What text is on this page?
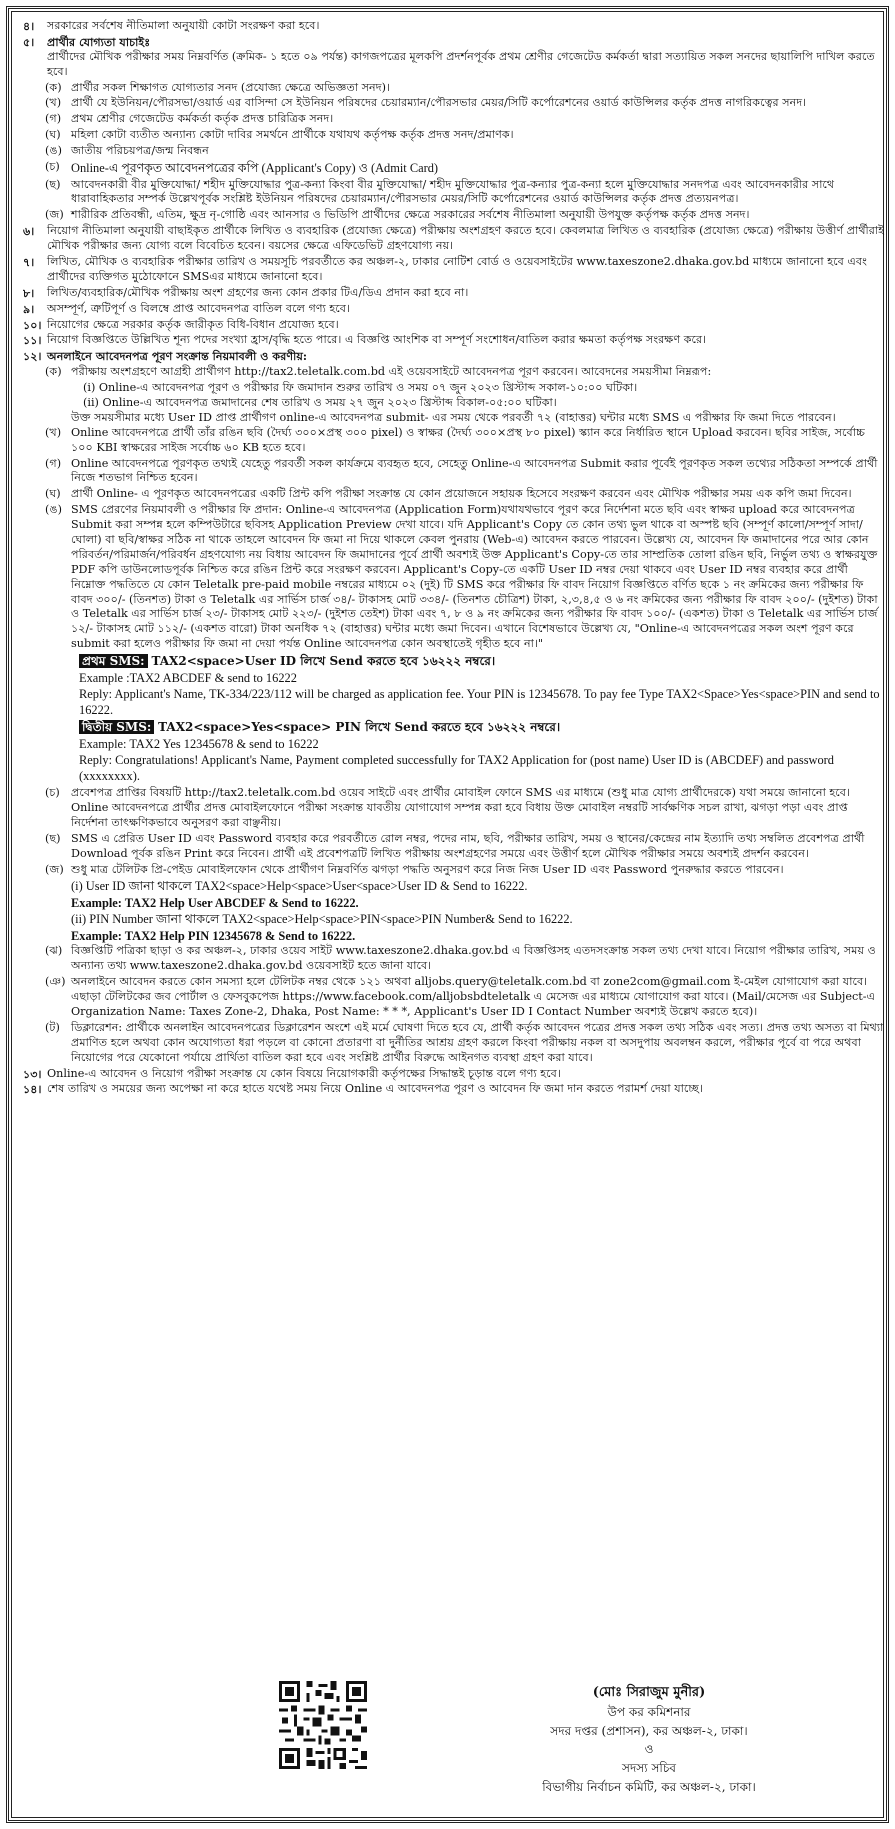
৪।	সরকারের সর্বশেষ নীতিমালা অনুযায়ী কোটা সংরক্ষণ করা হবে।
৫।	প্রার্থীর যোগ্যতা যাচাইঃ
প্রার্থীদের মৌখিক পরীক্ষার সময় নিম্নবর্ণিত (ক্রমিক- ১ হতে ০৯ পর্যন্ত) কাগজপত্রের মূলকপি প্রদর্শনপূর্বক প্রথম শ্রেণীর গেজেটেড কর্মকর্তা দ্বারা সত্যায়িত সকল সনদের ছায়ালিপি দাখিল করতে হবে।
(ক) প্রার্থীর সকল শিক্ষাগত যোগ্যতার সনদ (প্রযোজ্য ক্ষেত্রে অভিজ্ঞতা সনদ)।
(খ) প্রার্থী যে ইউনিয়ন/পৌরসভা/ওয়ার্ড এর বাসিন্দা সে ইউনিয়ন পরিষদের চেয়ারম্যান/পৌরসভার মেয়র/সিটি কর্পোরেশনের ওয়ার্ড কাউন্সিলর কর্তৃক প্রদত্ত নাগরিকত্বের সনদ।
(গ) প্রথম শ্রেণীর গেজেটেড কর্মকর্তা কর্তৃক প্রদত্ত চারিত্রিক সনদ।
(ঘ) মহিলা কোটা ব্যতীত অন্যান্য কোটা দাবির সমর্থনে প্রার্থীকে যথাযথ কর্তৃপক্ষ কর্তৃক প্রদত্ত সনদ/প্রমাণক।
(ঙ) জাতীয় পরিচয়পত্র/জন্ম নিবন্ধন
(চ) Online-এ পূরণকৃত আবেদনপত্রের কপি (Applicant's Copy) ও (Admit Card)
(ছ) আবেদনকারী বীর মুক্তিযোদ্ধা/ শহীদ মুক্তিযোদ্ধার পুত্র-কন্যা কিংবা বীর মুক্তিযোদ্ধা/ শহীদ মুক্তিযোদ্ধার পুত্র-কন্যার পুত্র-কন্যা হলে মুক্তিযোদ্ধার সনদপত্র এবং আবেদনকারীর সাথে ধারাবাহিকতার সম্পর্ক উল্লেখপূর্বক সংশ্লিষ্ট ইউনিয়ন পরিষদের চেয়ারম্যান/পৌরসভার মেয়র/সিটি কর্পোরেশনের ওয়ার্ড কাউন্সিলর কর্তৃক প্রদত্ত প্রত্যয়নপত্র।
(জ) শারীরিক প্রতিবন্ধী, এতিম, ক্ষুদ্র নৃ-গোষ্ঠি এবং আনসার ও ভিডিপি প্রার্থীদের ক্ষেত্রে সরকারের সর্বশেষ নীতিমালা অনুযায়ী উপযুক্ত কর্তৃপক্ষ কর্তৃক প্রদত্ত সনদ।
৬।	নিয়োগ নীতিমালা অনুযায়ী বাছাইকৃত প্রার্থীকে লিখিত ও ব্যবহারিক (প্রযোজ্য ক্ষেত্রে) পরীক্ষায় অংশগ্রহণ করতে হবে। কেবলমাত্র লিখিত ও ব্যবহারিক (প্রযোজ্য ক্ষেত্রে) পরীক্ষায় উত্তীর্ণ প্রার্থীরাই মৌখিক পরীক্ষার জন্য যোগ্য বলে বিবেচিত হবেন। বয়সের ক্ষেত্রে এফিডেভিট গ্রহণযোগ্য নয়।
৭।	লিখিত, মৌখিক ও ব্যবহারিক পরীক্ষার তারিখ ও সময়সূচি পরবর্তীতে কর অঞ্চল-২, ঢাকার নোটিশ বোর্ড ও ওয়েবসাইটের www.taxeszone2.dhaka.gov.bd মাধ্যমে জানানো হবে এবং প্রার্থীদের ব্যক্তিগত মুঠোফোনে SMSএর মাধ্যমে জানানো হবে।
৮।	লিখিত/ব্যবহারিক/মৌখিক পরীক্ষায় অংশ গ্রহণের জন্য কোন প্রকার টিএ/ডিএ প্রদান করা হবে না।
৯।	অসম্পূর্ণ, ত্রুটিপূর্ণ ও বিলম্বে প্রাপ্ত আবেদনপত্র বাতিল বলে গণ্য হবে।
১০। নিয়োগের ক্ষেত্রে সরকার কর্তৃক জারীকৃত বিধি-বিধান প্রযোজ্য হবে।
১১। নিয়োগ বিজ্ঞপ্তিতে উল্লিখিত শূন্য পদের সংখ্যা হ্রাস/বৃদ্ধি হতে পারে। এ বিজ্ঞপ্তি আংশিক বা সম্পূর্ণ সংশোধন/বাতিল করার ক্ষমতা কর্তৃপক্ষ সংরক্ষণ করে।
১২। অনলাইনে আবেদনপত্র পূরণ সংক্রান্ত নিয়মাবলী ও করণীয়:
(ক) পরীক্ষায় অংশগ্রহণে আগ্রহী প্রার্থীগণ http://tax2.teletalk.com.bd এই ওয়েবসাইটে আবেদনপত্র পূরণ করবেন। আবেদনের সময়সীমা নিম্নরূপ:
(i) Online-এ আবেদনপত্র পূরণ ও পরীক্ষার ফি জমাদান শুরুর তারিখ ও সময় ০৭ জুন ২০২৩ খ্রিস্টাব্দ সকাল-১০:০০ ঘটিকা।
(ii) Online-এ আবেদনপত্র জমাদানের শেষ তারিখ ও সময় ২৭ জুন ২০২৩ খ্রিস্টাব্দ বিকাল-০৫:০০ ঘটিকা।
উক্ত সময়সীমার মধ্যে User ID প্রাপ্ত প্রার্থীগণ online-এ আবেদনপত্র submit- এর সময় থেকে পরবর্তী ৭২ (বাহাত্তর) ঘন্টার মধ্যে SMS এ পরীক্ষার ফি জমা দিতে পারবেন।
(খ) Online আবেদনপত্রে প্রার্থী তাঁর রঙিন ছবি (দৈর্ঘ্য ৩০০×প্রস্থ ৩০০ pixel) ও স্বাক্ষর (দৈর্ঘ্য ৩০০×প্রস্থ ৮০ pixel) স্ক্যান করে নির্ধারিত স্থানে Upload করবেন। ছবির সাইজ, সর্বোচ্চ ১০০ KBI স্বাক্ষরের সাইজ সর্বোচ্চ ৬০ KB হতে হবে।
(গ) Online আবেদনপত্রে পূরণকৃত তথ্যই যেহেতু পরবর্তী সকল কার্যক্রমে ব্যবহৃত হবে, সেহেতু Online-এ আবেদনপত্র Submit করার পূর্বেই পূরণকৃত সকল তথ্যের সঠিকতা সম্পর্কে প্রার্থী নিজে শতভাগ নিশ্চিত হবেন।
(ঘ) প্রার্থী Online- এ পূরণকৃত আবেদনপত্রের একটি প্রিন্ট কপি পরীক্ষা সংক্রান্ত যে কোন প্রয়োজনে সহায়ক হিসেবে সংরক্ষণ করবেন এবং মৌখিক পরীক্ষার সময় এক কপি জমা দিবেন।
(ঙ) SMS প্রেরণের নিয়মাবলী ও পরীক্ষার ফি প্রদান: Online-এ আবেদনপত্র (Application Form)যথাযথভাবে পূরণ করে নির্দেশনা মতে ছবি এবং স্বাক্ষর upload করে আবেদনপত্র Submit করা সম্পন্ন হলে কম্পিউটারে ছবিসহ Application Preview দেখা যাবে। যদি Applicant's Copy তে কোন তথ্য ভুল থাকে বা অস্পষ্ট ছবি (সম্পূর্ণ কালো/সম্পূর্ণ সাদা/ঘোলা) বা ছবি/স্বাক্ষর সঠিক না থাকে তাহলে আবেদন ফি জমা না দিয়ে থাকলে কেবল পুনরায় (Web-এ) আবেদন করতে পারবেন। উল্লেখ্য যে, আবেদন ফি জমাদানের পরে আর কোন পরিবর্তন/পরিমার্জন/পরিবর্ধন গ্রহণযোগ্য নয় বিধায় আবেদন ফি জমাদানের পূর্বে প্রার্থী অবশ্যই উক্ত Applicant's Copy-তে তার সাম্প্রতিক তোলা রঙিন ছবি, নির্ভুল তথ্য ও স্বাক্ষরযুক্ত PDF কপি ডাউনলোডপূর্বক নিশ্চিত করে রঙিন প্রিন্ট করে সংরক্ষণ করবেন। Applicant's Copy-তে একটি User ID নম্বর দেয়া থাকবে এবং User ID নম্বর ব্যবহার করে প্রার্থী নিম্নোক্ত পদ্ধতিতে যে কোন Teletalk pre-paid mobile নম্বরের মাধ্যমে ০২ (দুই) টি SMS করে পরীক্ষার ফি বাবদ নিয়োগ বিজ্ঞপ্তিতে বর্ণিত ছকে ১ নং ক্রমিকের জন্য পরীক্ষার ফি বাবদ ৩০০/- (তিনশত) টাকা ও Teletalk এর সার্ভিস চার্জ ৩৪/- টাকাসহ মোট ৩৩৪/- (তিনশত চৌত্রিশ) টাকা, ২,৩,৪,৫ ও ৬ নং ক্রমিকের জন্য পরীক্ষার ফি বাবদ ২০০/- (দুইশত) টাকা ও Teletalk এর সার্ভিস চার্জ ২৩/- টাকাসহ মোট ২২৩/- (দুইশত তেইশ) টাকা এবং ৭, ৮ ও ৯ নং ক্রমিকের জন্য পরীক্ষার ফি বাবদ ১০০/- (একশত) টাকা ও Teletalk এর সার্ভিস চার্জ ১২/- টাকাসহ মোট ১১২/- (একশত বারো) টাকা অনধিক ৭২ (বাহাত্তর) ঘন্টার মধ্যে জমা দিবেন। এখানে বিশেষভাবে উল্লেখ্য যে, "Online-এ আবেদনপত্রের সকল অংশ পূরণ করে submit করা হলেও পরীক্ষার ফি জমা না দেয়া পর্যন্ত Online আবেদনপত্র কোন অবস্থাতেই গৃহীত হবে না।"
প্রথম SMS: TAX2<space>User ID লিখে Send করতে হবে ১৬২২২ নম্বরে।
Example :TAX2 ABCDEF & send to 16222
Reply: Applicant's Name, TK-334/223/112 will be charged as application fee. Your PIN is 12345678. To pay fee Type TAX2<Space>Yes<space>PIN and send to 16222.
দ্বিতীয় SMS: TAX2<space>Yes<space> PIN লিখে Send করতে হবে ১৬২২২ নম্বরে।
Example: TAX2 Yes 12345678 & send to 16222
Reply: Congratulations! Applicant's Name, Payment completed successfully for TAX2 Application for (post name) User ID is (ABCDEF) and password (xxxxxxxx).
(চ)	প্রবেশপত্র প্রাপ্তির বিষয়টি http://tax2.teletalk.com.bd ওয়েব সাইটে এবং প্রার্থীর মোবাইল ফোনে SMS এর মাধ্যমে (শুধু মাত্র যোগ্য প্রার্থীদেরকে) যথা সময়ে জানানো হবে। Online আবেদনপত্রে প্রার্থীর প্রদত্ত মোবাইলফোনে পরীক্ষা সংক্রান্ত যাবতীয় যোগাযোগ সম্পন্ন করা হবে বিধায় উক্ত মোবাইল নম্বরটি সার্বক্ষণিক সচল রাখা, ঝগড়া পড়া এবং প্রাপ্ত নির্দেশনা তাৎক্ষণিকভাবে অনুসরণ করা বাঞ্ছনীয়।
(ছ) SMS এ প্রেরিত User ID এবং Password ব্যবহার করে পরবর্তীতে রোল নম্বর, পদের নাম, ছবি, পরীক্ষার তারিখ, সময় ও স্থানের/কেন্দ্রের নাম ইত্যাদি তথ্য সম্বলিত প্রবেশপত্র প্রার্থী Download পূর্বক রঙিন Print করে নিবেন। প্রার্থী এই প্রবেশপত্রটি লিখিত পরীক্ষায় অংশগ্রহণের সময়ে এবং উত্তীর্ণ হলে মৌখিক পরীক্ষার সময়ে অবশ্যই প্রদর্শন করবেন।
(জ) শুধু মাত্র টেলিটক প্রি-পেইড মোবাইলফোন থেকে প্রার্থীগণ নিম্নবর্ণিত ঝগড়া পদ্ধতি অনুসরণ করে নিজ নিজ User ID এবং Password পুনরুদ্ধার করতে পারবেন।
(i) User ID জানা থাকলে TAX2<space>Help<space>User<space>User ID & Send to 16222.
Example: TAX2 Help User ABCDEF & Send to 16222.
(ii) PIN Number জানা থাকলে TAX2<space>Help<space>PIN<space>PIN Number& Send to 16222.
Example: TAX2 Help PIN 12345678 & Send to 16222.
(ঝ) বিজ্ঞপ্তিটি পত্রিকা ছাড়া ও কর অঞ্চল-২, ঢাকার ওয়েব সাইট www.taxeszone2.dhaka.gov.bd এ বিজ্ঞপ্তিসহ এতদসংক্রান্ত সকল তথ্য দেখা যাবে। নিয়োগ পরীক্ষার তারিখ, সময় ও অন্যান্য তথ্য www.taxeszone2.dhaka.gov.bd ওয়েবসাইট হতে জানা যাবে।
(ঞ) অনলাইনে আবেদন করতে কোন সমস্যা হলে টেলিটক নম্বর থেকে ১২১ অথবা alljobs.query@teletalk.com.bd বা zone2com@gmail.com ই-মেইল যোগাযোগ করা যাবে। এছাড়া টেলিটকের জব পোর্টাল ও ফেসবুকপেজ https://www.facebook.com/alljobsbdteletalk এ মেসেজ এর মাধ্যমে যোগাযোগ করা যাবে। (Mail/মেসেজ এর Subject-এ Organization Name: Taxes Zone-2, Dhaka, Post Name: * * *, Applicant's User ID I Contact Number অবশ্যই উল্লেখ করতে হবে)।
(ট) ডিক্লারেশন: প্রার্থীকে অনলাইন আবেদনপত্রের ডিক্লারেশন অংশে এই মর্মে ঘোষণা দিতে হবে যে, প্রার্থী কর্তৃক আবেদন পত্রের প্রদত্ত সকল তথ্য সঠিক এবং সত্য। প্রদত্ত তথ্য অসত্য বা মিথ্যা প্রমাণিত হলে অথবা কোন অযোগ্যতা ধরা পড়লে বা কোনো প্রতারণা বা দুর্নীতির আশ্রয় গ্রহণ করলে কিংবা পরীক্ষায় নকল বা অসদুপায় অবলম্বন করলে, পরীক্ষার পূর্বে বা পরে অথবা নিয়োগের পরে যেকোনো পর্যায়ে প্রার্থিতা বাতিল করা হবে এবং সংশ্লিষ্ট প্রার্থীর বিরুদ্ধে আইনগত ব্যবস্থা গ্রহণ করা যাবে।
১৩। Online-এ আবেদন ও নিয়োগ পরীক্ষা সংক্রান্ত যে কোন বিষয়ে নিয়োগকারী কর্তৃপক্ষের সিদ্ধান্তই চূড়ান্ত বলে গণ্য হবে।
১৪। শেষ তারিখ ও সময়ের জন্য অপেক্ষা না করে হাতে যথেষ্ট সময় নিয়ে Online এ আবেদনপত্র পূরণ ও আবেদন ফি জমা দান করতে পরামর্শ দেয়া যাচ্ছে।
(মোঃ সিরাজুম মুনীর)
উপ কর কমিশনার
সদর দপ্তর (প্রশাসন), কর অঞ্চল-২, ঢাকা।
ও
সদস্য সচিব
বিভাগীয় নির্বাচন কমিটি, কর অঞ্চল-২, ঢাকা।
